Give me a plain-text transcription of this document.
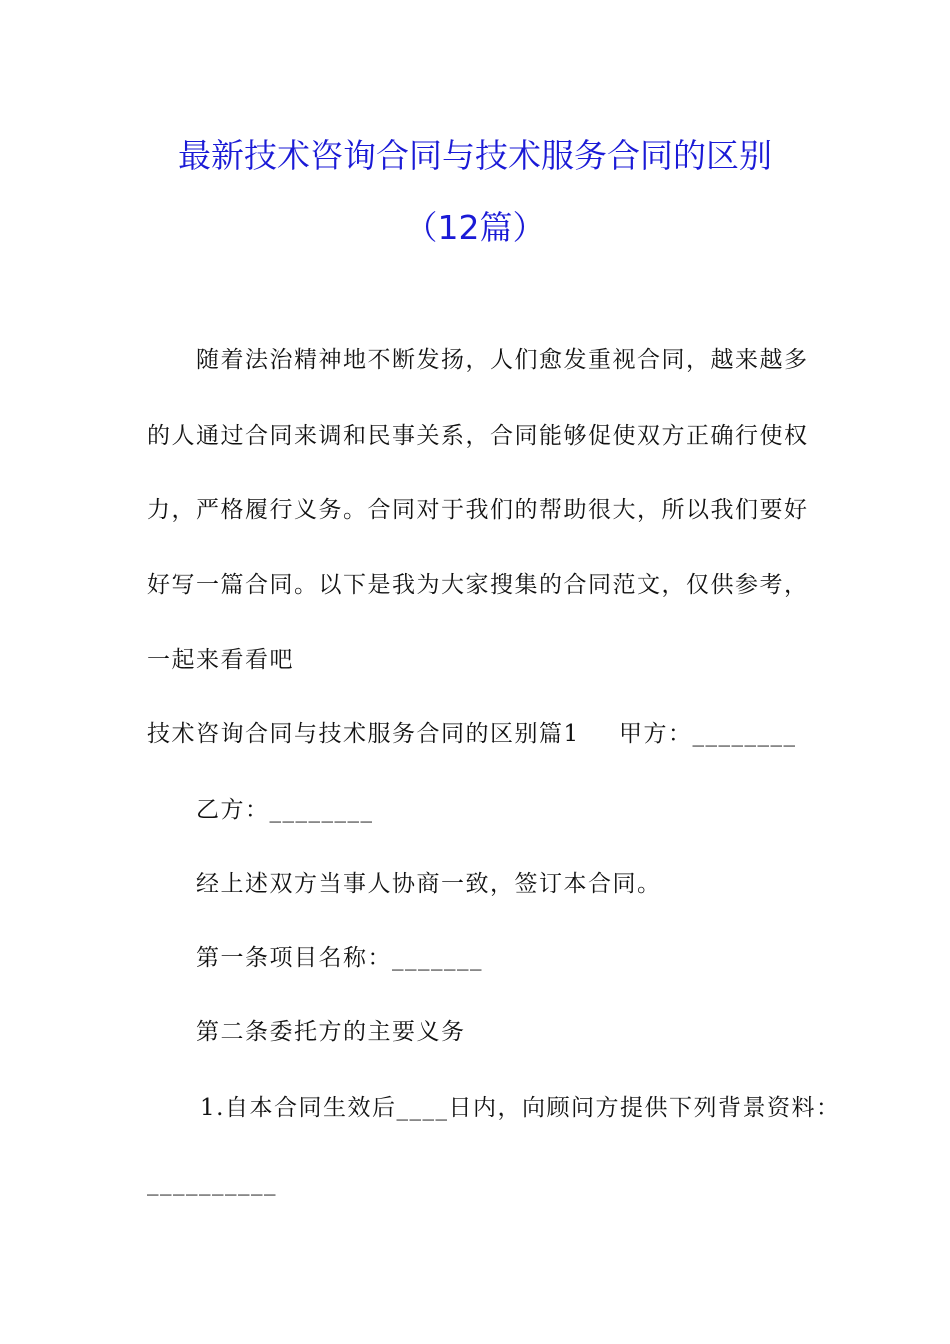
最新技术咨询合同与技术服务合同的区别
（12篇）
随着法治精神地不断发扬，人们愈发重视合同，越来越多
的人通过合同来调和民事关系，合同能够促使双方正确行使权
力，严格履行义务。合同对于我们的帮助很大，所以我们要好
好写一篇合同。以下是我为大家搜集的合同范文，仅供参考，
一起来看看吧
技术咨询合同与技术服务合同的区别篇1 甲方：________
乙方：________
经上述双方当事人协商一致，签订本合同。
第一条项目名称：_______
第二条委托方的主要义务
1.自本合同生效后____日内，向顾问方提供下列背景资料：
__________
